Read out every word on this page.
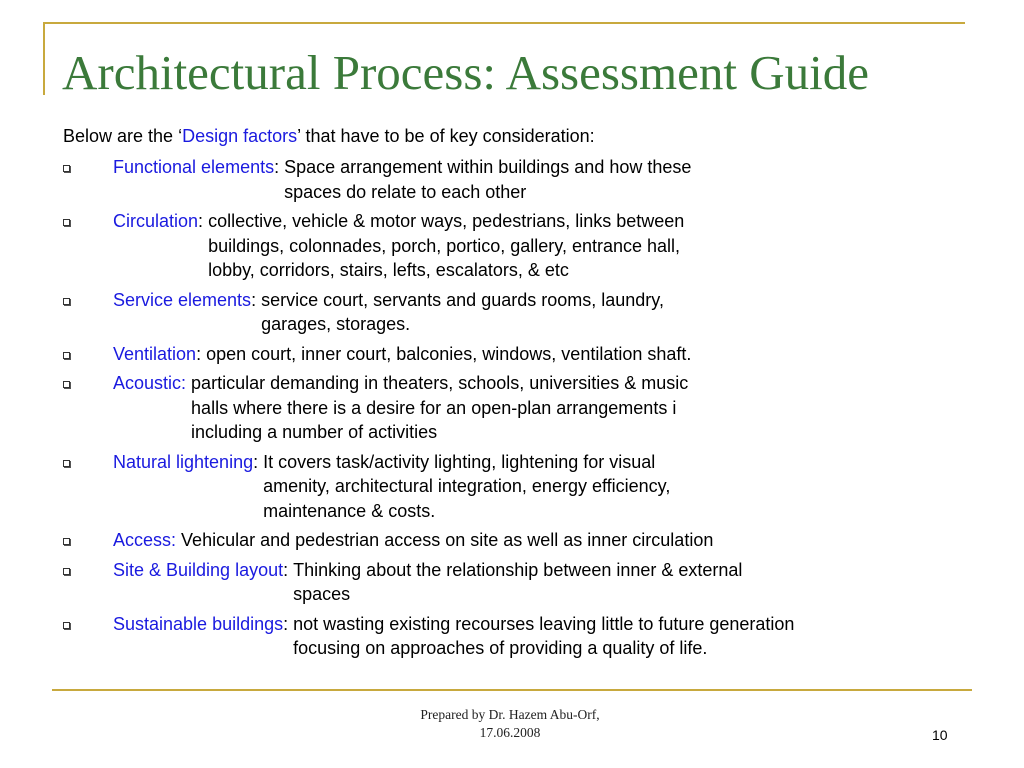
Architectural Process: Assessment Guide

Below are the ‘Design factors’ that have to be of key consideration:

Functional elements :
Space arrangement within buildings and how these
spaces do relate to each other
Circulation :
collective, vehicle & motor ways, pedestrians, links between
buildings, colonnades, porch, portico, gallery, entrance hall,
lobby, corridors, stairs, lefts, escalators, & etc
Service elements :
service court, servants and guards rooms, laundry,
garages, storages.
Ventilation :
open court, inner court, balconies, windows, ventilation shaft.
Acoustic:
particular demanding in theaters, schools, universities & music
halls where there is a desire for an open-plan arrangements i
including a number of activities
Natural lightening :
It covers task/activity lighting, lightening for visual
amenity, architectural integration, energy efficiency,
maintenance & costs.
Access:
Vehicular and pedestrian access on site as well as inner circulation
Site & Building layout :
Thinking about the relationship between inner & external
spaces
Sustainable buildings :
not wasting existing recourses leaving little to future generation
focusing on approaches of providing a quality of life.
Prepared by Dr. Hazem Abu-Orf,
17.06.2008	10
